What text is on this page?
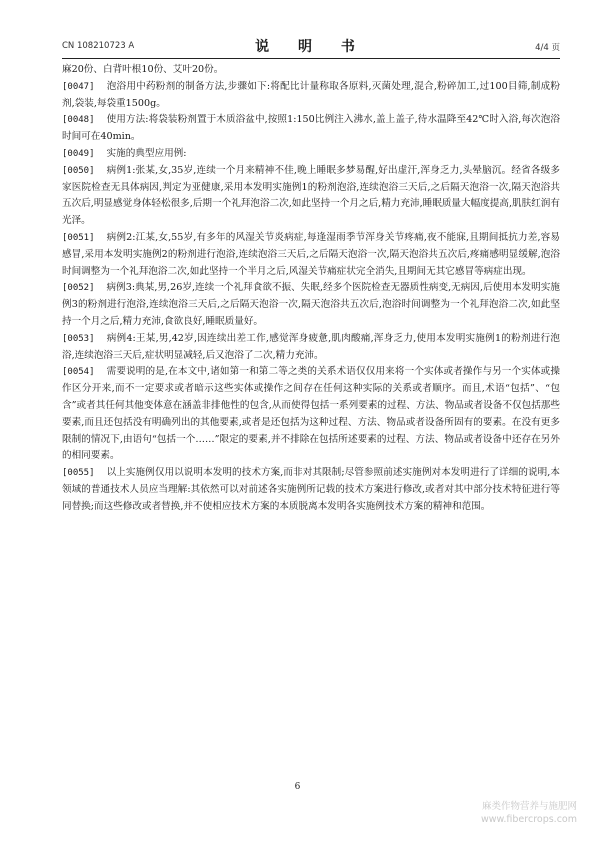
CN 108210723 A	说 明 书	4/4 页

麻20份、白背叶根10份、艾叶20份。

[0047] 泡浴用中药粉剂的制备方法,步骤如下:将配比计量称取各原料,灭菌处理,混合,粉碎加工,过100目筛,制成粉剂,袋装,每袋重1500g。

[0048] 使用方法:将袋装粉剂置于木质浴盆中,按照1:150比例注入沸水,盖上盖子,待水温降至42℃时入浴,每次泡浴时间可在40min。

[0049] 实施的典型应用例:

[0050] 病例1:张某,女,35岁,连续一个月来精神不佳,晚上睡眠多梦易醒,好出虚汗,浑身乏力,头晕脑沉。经省各级多家医院检查无具体病因,判定为亚健康,采用本发明实施例1的粉剂泡浴,连续泡浴三天后,之后隔天泡浴一次,隔天泡浴共五次后,明显感觉身体轻松很多,后期一个礼拜泡浴二次,如此坚持一个月之后,精力充沛,睡眠质量大幅度提高,肌肤红润有光泽。

[0051] 病例2:江某,女,55岁,有多年的风湿关节炎病症,每逢湿雨季节浑身关节疼痛,夜不能寐,且期间抵抗力差,容易感冒,采用本发明实施例2的粉剂进行泡浴,连续泡浴三天后,之后隔天泡浴一次,隔天泡浴共五次后,疼痛感明显缓解,泡浴时间调整为一个礼拜泡浴二次,如此坚持一个半月之后,风湿关节痛症状完全消失,且期间无其它感冒等病症出现。

[0052] 病例3:典某,男,26岁,连续一个礼拜食欲不振、失眠,经多个医院检查无器质性病变,无病因,后使用本发明实施例3的粉剂进行泡浴,连续泡浴三天后,之后隔天泡浴一次,隔天泡浴共五次后,泡浴时间调整为一个礼拜泡浴二次,如此坚持一个月之后,精力充沛,食欲良好,睡眠质量好。

[0053] 病例4:王某,男,42岁,因连续出差工作,感觉浑身疲惫,肌肉酸痛,浑身乏力,使用本发明实施例1的粉剂进行泡浴,连续泡浴三天后,症状明显减轻,后又泡浴了二次,精力充沛。

[0054] 需要说明的是,在本文中,诸如第一和第二等之类的关系术语仅仅用来将一个实体或者操作与另一个实体或操作区分开来,而不一定要求或者暗示这些实体或操作之间存在任何这种实际的关系或者顺序。而且,术语“包括”、“包含”或者其任何其他变体意在涵盖非排他性的包含,从而使得包括一系列要素的过程、方法、物品或者设备不仅包括那些要素,而且还包括没有明确列出的其他要素,或者是还包括为这种过程、方法、物品或者设备所固有的要素。在没有更多限制的情况下,由语句“包括一个……”限定的要素,并不排除在包括所述要素的过程、方法、物品或者设备中还存在另外的相同要素。

[0055] 以上实施例仅用以说明本发明的技术方案,而非对其限制;尽管参照前述实施例对本发明进行了详细的说明,本领域的普通技术人员应当理解:其依然可以对前述各实施例所记载的技术方案进行修改,或者对其中部分技术特征进行等同替换;而这些修改或者替换,并不使相应技术方案的本质脱离本发明各实施例技术方案的精神和范围。

6
麻类作物营养与施肥网
www.fibercrops.com
